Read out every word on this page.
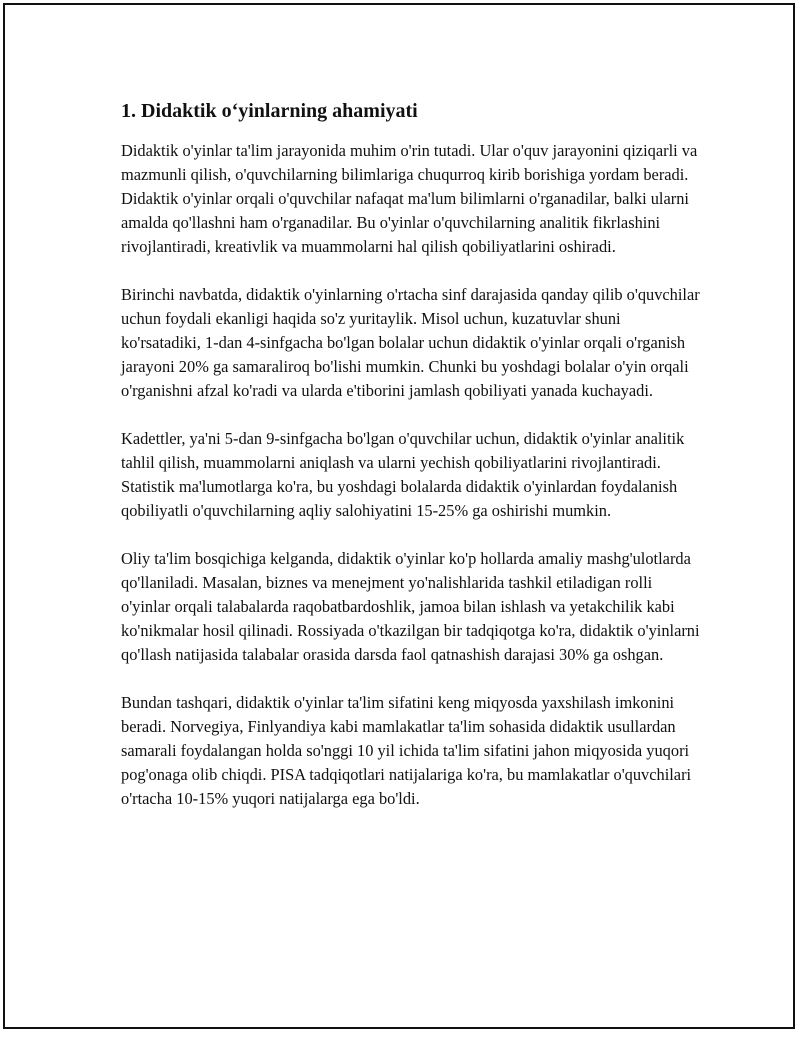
1. Didaktik o‘yinlarning ahamiyati

Didaktik o'yinlar ta'lim jarayonida muhim o'rin tutadi. Ular o'quv jarayonini qiziqarli va mazmunli qilish, o'quvchilarning bilimlariga chuqurroq kirib borishiga yordam beradi. Didaktik o'yinlar orqali o'quvchilar nafaqat ma'lum bilimlarni o'rganadilar, balki ularni amalda qo'llashni ham o'rganadilar. Bu o'yinlar o'quvchilarning analitik fikrlashini rivojlantiradi, kreativlik va muammolarni hal qilish qobiliyatlarini oshiradi.

Birinchi navbatda, didaktik o'yinlarning o'rtacha sinf darajasida qanday qilib o'quvchilar uchun foydali ekanligi haqida so'z yuritaylik. Misol uchun, kuzatuvlar shuni ko'rsatadiki, 1-dan 4-sinfgacha bo'lgan bolalar uchun didaktik o'yinlar orqali o'rganish jarayoni 20% ga samaraliroq bo'lishi mumkin. Chunki bu yoshdagi bolalar o'yin orqali o'rganishni afzal ko'radi va ularda e'tiborini jamlash qobiliyati yanada kuchayadi.

Kadettler, ya'ni 5-dan 9-sinfgacha bo'lgan o'quvchilar uchun, didaktik o'yinlar analitik tahlil qilish, muammolarni aniqlash va ularni yechish qobiliyatlarini rivojlantiradi. Statistik ma'lumotlarga ko'ra, bu yoshdagi bolalarda didaktik o'yinlardan foydalanish qobiliyatli o'quvchilarning aqliy salohiyatini 15-25% ga oshirishi mumkin.

Oliy ta'lim bosqichiga kelganda, didaktik o'yinlar ko'p hollarda amaliy mashg'ulotlarda qo'llaniladi. Masalan, biznes va menejment yo'nalishlarida tashkil etiladigan rolli o'yinlar orqali talabalarda raqobatbardoshlik, jamoa bilan ishlash va yetakchilik kabi ko'nikmalar hosil qilinadi. Rossiyada o'tkazilgan bir tadqiqotga ko'ra, didaktik o'yinlarni qo'llash natijasida talabalar orasida darsda faol qatnashish darajasi 30% ga oshgan.

Bundan tashqari, didaktik o'yinlar ta'lim sifatini keng miqyosda yaxshilash imkonini beradi. Norvegiya, Finlyandiya kabi mamlakatlar ta'lim sohasida didaktik usullardan samarali foydalangan holda so'nggi 10 yil ichida ta'lim sifatini jahon miqyosida yuqori pog'onaga olib chiqdi. PISA tadqiqotlari natijalariga ko'ra, bu mamlakatlar o'quvchilari o'rtacha 10-15% yuqori natijalarga ega bo'ldi.
